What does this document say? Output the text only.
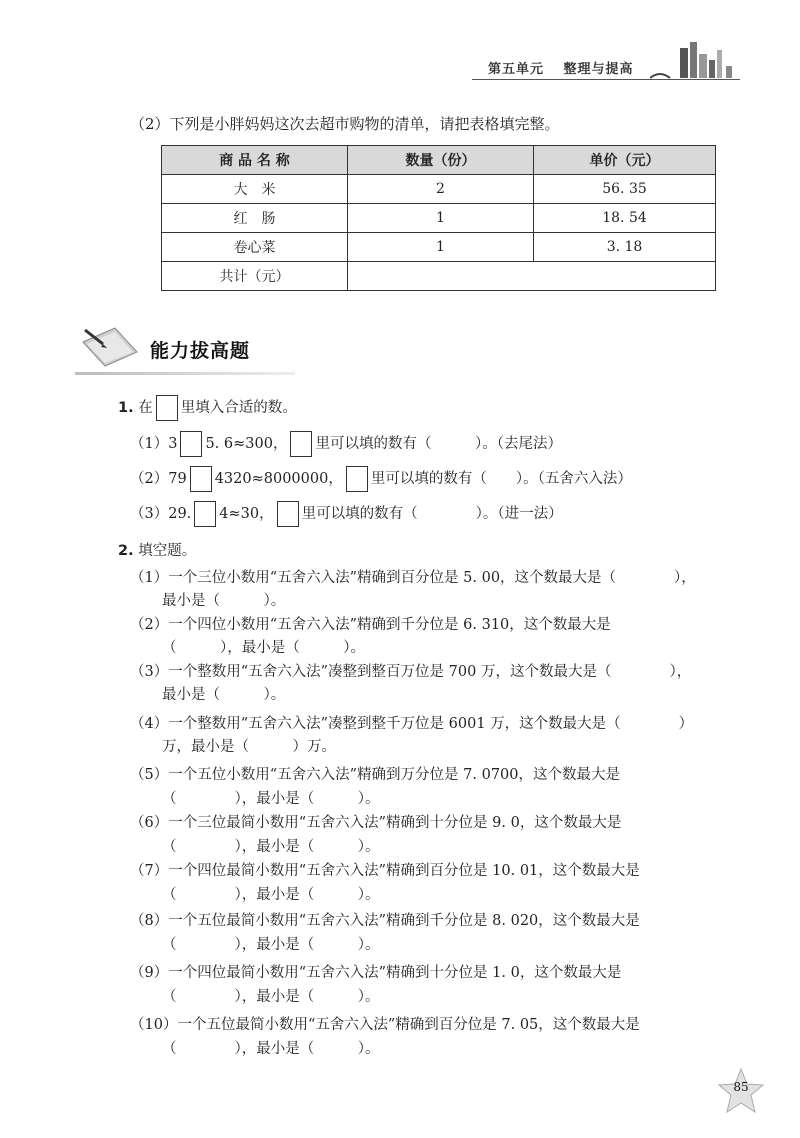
第五单元 整理与提高
（2）下列是小胖妈妈这次去超市购物的清单，请把表格填完整。
商 品 名 称	数量（份）	单价（元）
大　米	2	56. 35
红　肠	1	18. 54
卷心菜	1	3. 18
共计（元）		
能力拔高题
1. 在 里填入合适的数。
（1）3 5. 6≈300， 里可以填的数有（　　　）。（去尾法）
（2）79 4320≈8000000， 里可以填的数有（　　）。（五舍六入法）
（3）29. 4≈30， 里可以填的数有（　　　　）。（进一法）
2. 填空题。
（1）一个三位小数用“五舍六入法”精确到百分位是 5. 00，这个数最大是（　　　　），
最小是（　　　）。
（2）一个四位小数用“五舍六入法”精确到千分位是 6. 310，这个数最大是
（　　　），最小是（　　　）。
（3）一个整数用“五舍六入法”凑整到整百万位是 700 万，这个数最大是（　　　　），
最小是（　　　）。
（4）一个整数用“五舍六入法”凑整到整千万位是 6001 万，这个数最大是（　　　　）
万，最小是（　　　）万。
（5）一个五位小数用“五舍六入法”精确到万分位是 7. 0700，这个数最大是
（　　　　），最小是（　　　）。
（6）一个三位最简小数用“五舍六入法”精确到十分位是 9. 0，这个数最大是
（　　　　），最小是（　　　）。
（7）一个四位最简小数用“五舍六入法”精确到百分位是 10. 01，这个数最大是
（　　　　），最小是（　　　）。
（8）一个五位最简小数用“五舍六入法”精确到千分位是 8. 020，这个数最大是
（　　　　），最小是（　　　）。
（9）一个四位最简小数用“五舍六入法”精确到十分位是 1. 0，这个数最大是
（　　　　），最小是（　　　）。
（10）一个五位最简小数用“五舍六入法”精确到百分位是 7. 05，这个数最大是
（　　　　），最小是（　　　）。
85
